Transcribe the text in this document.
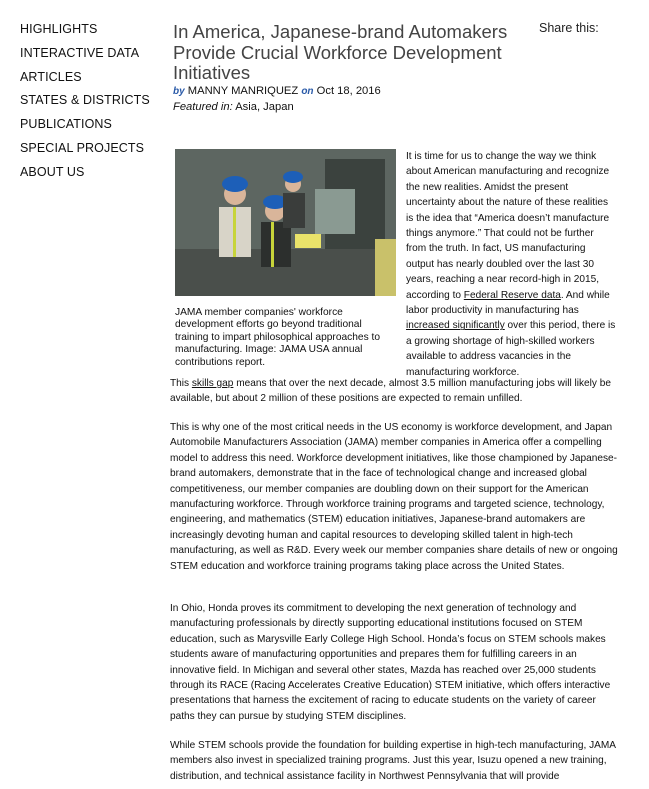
HIGHLIGHTS
INTERACTIVE DATA
ARTICLES
STATES & DISTRICTS
PUBLICATIONS
SPECIAL PROJECTS
ABOUT US
Share this:
In America, Japanese-brand Automakers Provide Crucial Workforce Development Initiatives
by MANNY MANRIQUEZ on Oct 18, 2016
Featured in: Asia, Japan
JAMA member companies' workforce development efforts go beyond traditional training to impart philosophical approaches to manufacturing. Image: JAMA USA annual contributions report.
It is time for us to change the way we think about American manufacturing and recognize the new realities. Amidst the present uncertainty about the nature of these realities is the idea that “America doesn’t manufacture things anymore.” That could not be further from the truth. In fact, US manufacturing output has nearly doubled over the last 30 years, reaching a near record-high in 2015, according to Federal Reserve data. And while labor productivity in manufacturing has increased significantly over this period, there is a growing shortage of high-skilled workers available to address vacancies in the manufacturing workforce.
This skills gap means that over the next decade, almost 3.5 million manufacturing jobs will likely be available, but about 2 million of these positions are expected to remain unfilled.
This is why one of the most critical needs in the US economy is workforce development, and Japan Automobile Manufacturers Association (JAMA) member companies in America offer a compelling model to address this need. Workforce development initiatives, like those championed by Japanese-brand automakers, demonstrate that in the face of technological change and increased global competitiveness, our member companies are doubling down on their support for the American manufacturing workforce. Through workforce training programs and targeted science, technology, engineering, and mathematics (STEM) education initiatives, Japanese-brand automakers are increasingly devoting human and capital resources to developing skilled talent in high-tech manufacturing, as well as R&D. Every week our member companies share details of new or ongoing STEM education and workforce training programs taking place across the United States.
In Ohio, Honda proves its commitment to developing the next generation of technology and manufacturing professionals by directly supporting educational institutions focused on STEM education, such as Marysville Early College High School. Honda’s focus on STEM schools makes students aware of manufacturing opportunities and prepares them for fulfilling careers in an innovative field. In Michigan and several other states, Mazda has reached over 25,000 students through its RACE (Racing Accelerates Creative Education) STEM initiative, which offers interactive presentations that harness the excitement of racing to educate students on the variety of career paths they can pursue by studying STEM disciplines.
While STEM schools provide the foundation for building expertise in high-tech manufacturing, JAMA members also invest in specialized training programs. Just this year, Isuzu opened a new training, distribution, and technical assistance facility in Northwest Pennsylvania that will provide
